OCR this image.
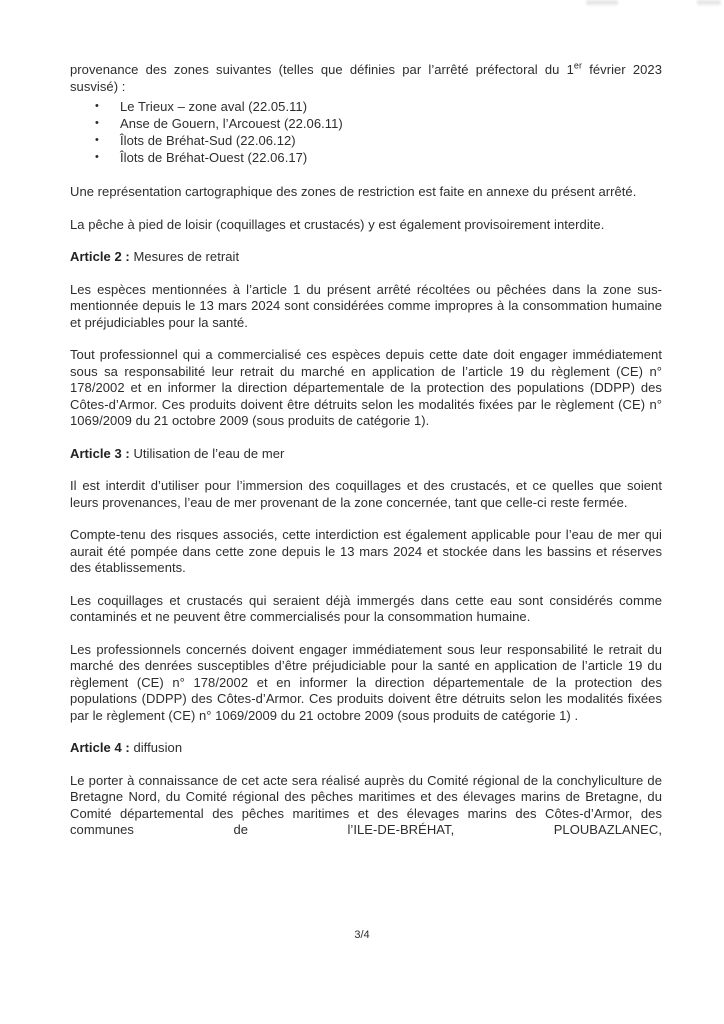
provenance des zones suivantes (telles que définies par l’arrêté préfectoral du 1er février 2023 susvisé) :

• Le Trieux – zone aval (22.05.11)
• Anse de Gouern, l’Arcouest (22.06.11)
• Îlots de Bréhat-Sud (22.06.12)
• Îlots de Bréhat-Ouest (22.06.17)

Une représentation cartographique des zones de restriction est faite en annexe du présent arrêté.

La pêche à pied de loisir (coquillages et crustacés) y est également provisoirement interdite.

Article 2 : Mesures de retrait

Les espèces mentionnées à l’article 1 du présent arrêté récoltées ou pêchées dans la zone sus-mentionnée depuis le 13 mars 2024 sont considérées comme impropres à la consommation humaine et préjudiciables pour la santé.

Tout professionnel qui a commercialisé ces espèces depuis cette date doit engager immédiatement sous sa responsabilité leur retrait du marché en application de l’article 19 du règlement (CE) n° 178/2002 et en informer la direction départementale de la protection des populations (DDPP) des Côtes-d’Armor. Ces produits doivent être détruits selon les modalités fixées par le règlement (CE) n° 1069/2009 du 21 octobre 2009 (sous produits de catégorie 1).

Article 3 : Utilisation de l’eau de mer

Il est interdit d’utiliser pour l’immersion des coquillages et des crustacés, et ce quelles que soient leurs provenances, l’eau de mer provenant de la zone concernée, tant que celle-ci reste fermée.

Compte-tenu des risques associés, cette interdiction est également applicable pour l’eau de mer qui aurait été pompée dans cette zone depuis le 13 mars 2024 et stockée dans les bassins et réserves des établissements.

Les coquillages et crustacés qui seraient déjà immergés dans cette eau sont considérés comme contaminés et ne peuvent être commercialisés pour la consommation humaine.

Les professionnels concernés doivent engager immédiatement sous leur responsabilité le retrait du marché des denrées susceptibles d’être préjudiciable pour la santé en application de l’article 19 du règlement (CE) n° 178/2002 et en informer la direction départementale de la protection des populations (DDPP) des Côtes-d’Armor. Ces produits doivent être détruits selon les modalités fixées par le règlement (CE) n° 1069/2009 du 21 octobre 2009 (sous produits de catégorie 1) .

Article 4 : diffusion

Le porter à connaissance de cet acte sera réalisé auprès du Comité régional de la conchyliculture de Bretagne Nord, du Comité régional des pêches maritimes et des élevages marins de Bretagne, du Comité départemental des pêches maritimes et des élevages marins des Côtes-d’Armor, des communes de l’ILE-DE-BRÉHAT, PLOUBAZLANEC,

3/4
